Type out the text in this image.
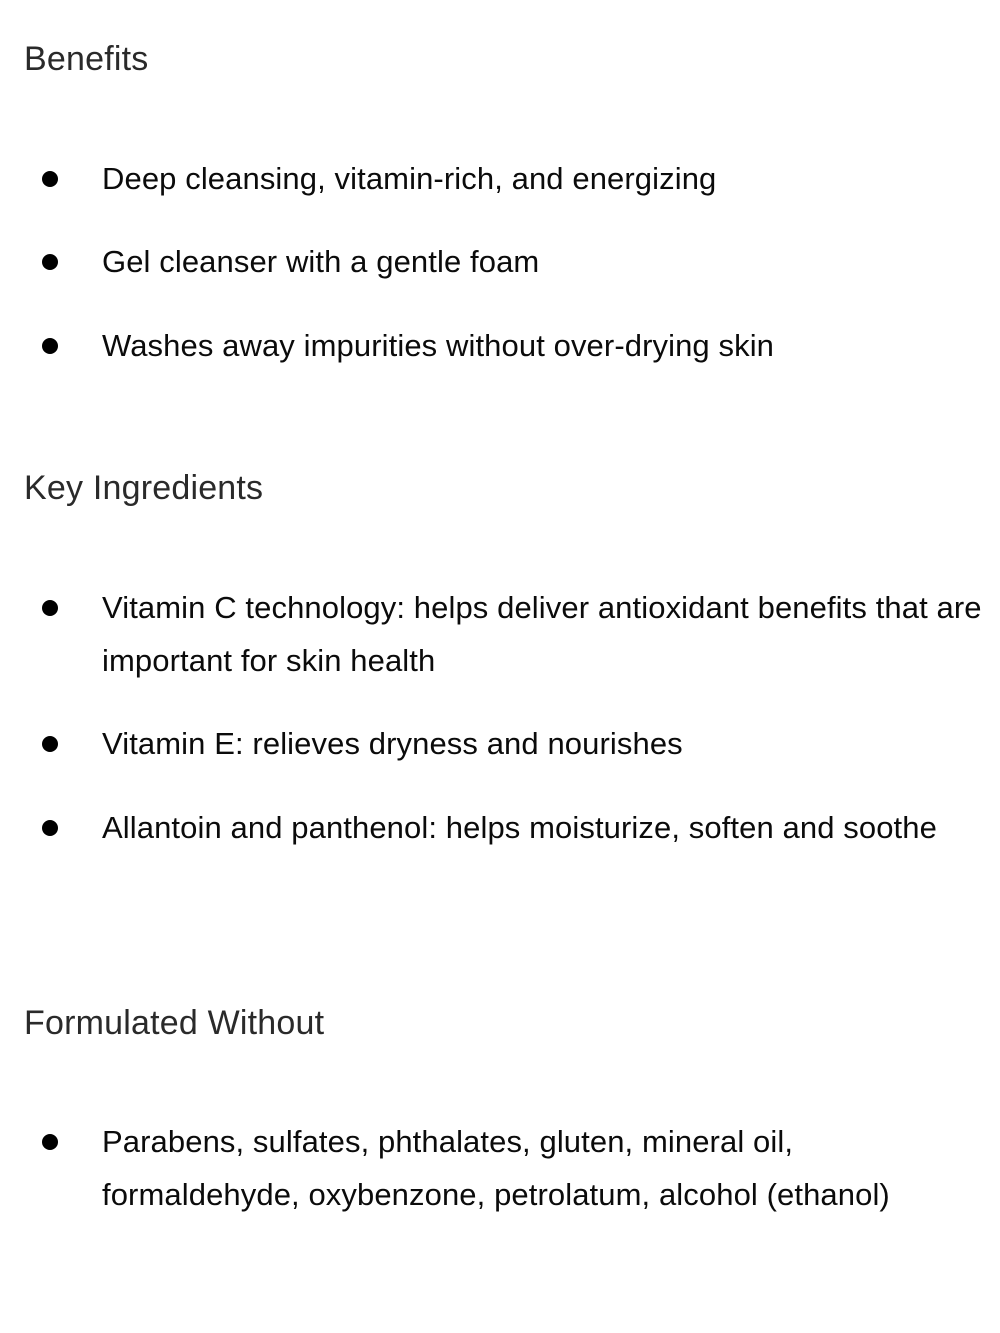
Benefits

Deep cleansing, vitamin-rich, and energizing

Gel cleanser with a gentle foam

Washes away impurities without over-drying skin

Key Ingredients

Vitamin C technology: helps deliver antioxidant benefits that are important for skin health

Vitamin E: relieves dryness and nourishes

Allantoin and panthenol: helps moisturize, soften and soothe

Formulated Without

Parabens, sulfates, phthalates, gluten, mineral oil, formaldehyde, oxybenzone, petrolatum, alcohol (ethanol)
